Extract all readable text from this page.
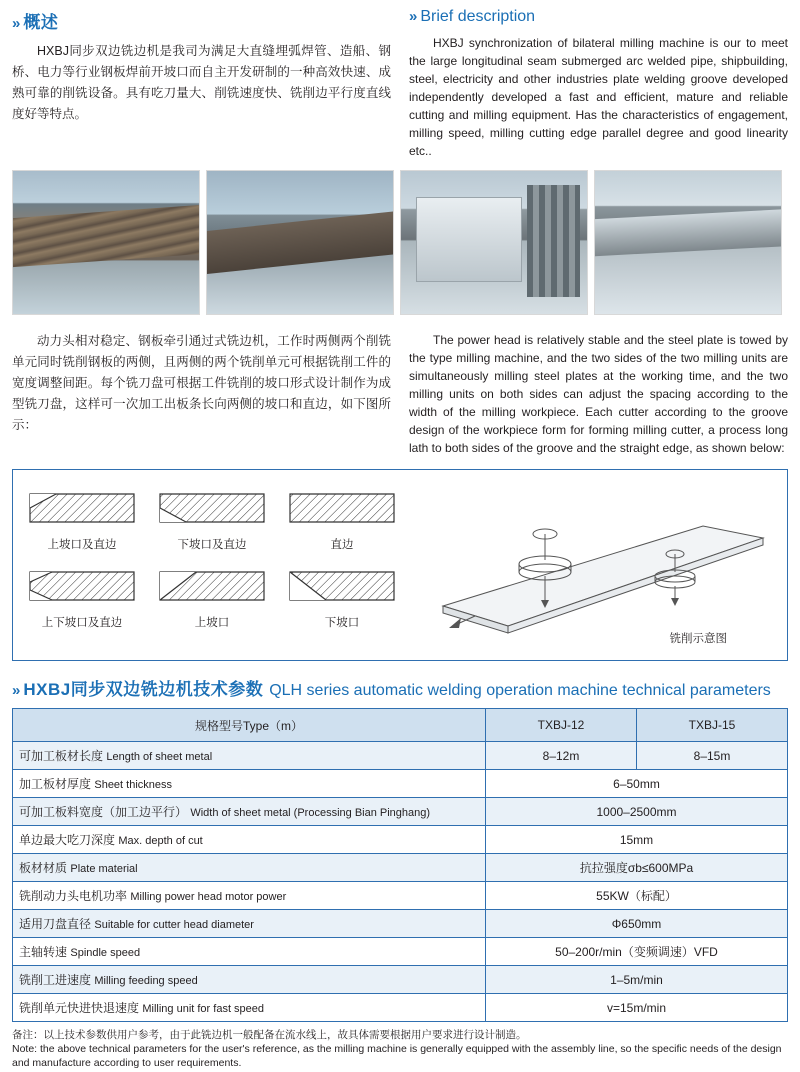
» 概述

HXBJ同步双边铣边机是我司为满足大直缝埋弧焊管、造船、钢桥、电力等行业钢板焊前开坡口而自主开发研制的一种高效快速、成熟可靠的削铣设备。具有吃刀量大、削铣速度快、铣削边平行度直线度好等特点。

» Brief description

HXBJ synchronization of bilateral milling machine is our to meet the large longitudinal seam submerged arc welded pipe, shipbuilding, steel, electricity and other industries plate welding groove developed independently developed a fast and efficient, mature and reliable cutting and milling equipment. Has the characteristics of engagement, milling speed, milling cutting edge parallel degree and good linearity etc..

动力头相对稳定、钢板牵引通过式铣边机，工作时两侧两个削铣单元同时铣削钢板的两侧，且两侧的两个铣削单元可根据铣削工件的宽度调整间距。每个铣刀盘可根据工件铣削的坡口形式设计制作为成型铣刀盘，这样可一次加工出板条长向两侧的坡口和直边，如下图所示：

The power head is relatively stable and the steel plate is towed by the type milling machine, and the two sides of the two milling units are simultaneously milling steel plates at the working time, and the two milling units on both sides can adjust the spacing according to the width of the milling workpiece. Each cutter according to the groove design of the workpiece form for forming milling cutter, a process long lath to both sides of the groove and the straight edge, as shown below:

上坡口及直边	下坡口及直边	直边
上下坡口及直边	上坡口	下坡口
铣削示意图
» HXBJ同步双边铣边机技术参数 QLH series automatic welding operation machine technical parameters
规格型号Type（m）	TXBJ-12	TXBJ-15
可加工板材长度 Length of sheet metal	8–12m	8–15m
加工板材厚度 Sheet thickness	6–50mm	
可加工板料宽度（加工边平行） Width of sheet metal (Processing Bian Pinghang)	1000–2500mm	
单边最大吃刀深度 Max. depth of cut	15mm	
板材材质 Plate material	抗拉强度σb≤600MPa	
铣削动力头电机功率 Milling power head motor power	55KW（标配）	
适用刀盘直径 Suitable for cutter head diameter	Φ650mm	
主轴转速 Spindle speed	50–200r/min（变频调速）VFD	
铣削工进速度 Milling feeding speed	1–5m/min	
铣削单元快进快退速度 Milling unit for fast speed	v=15m/min	
备注：以上技术参数供用户参考，由于此铣边机一般配备在流水线上，故具体需要根据用户要求进行设计制造。
Note: the above technical parameters for the user's reference, as the milling machine is generally equipped with the assembly line, so the specific needs of the design and manufacture according to user requirements.
